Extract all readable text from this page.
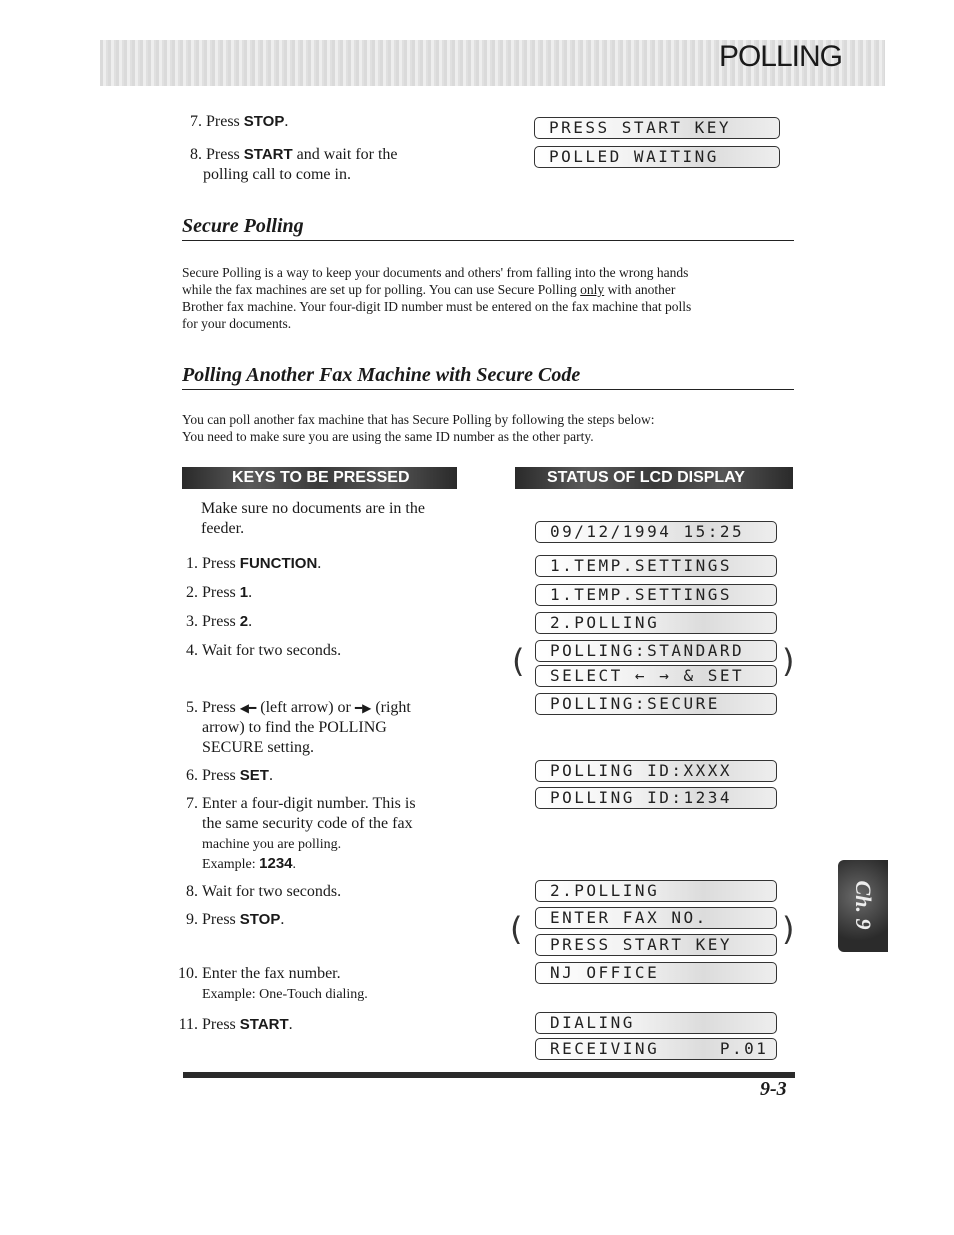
POLLING
7. Press STOP.
8. Press START and wait for the
polling call to come in.
PRESS START KEY
POLLED WAITING
Secure Polling
Secure Polling is a way to keep your documents and others' from falling into the wrong hands
while the fax machines are set up for polling. You can use Secure Polling only with another
Brother fax machine. Your four-digit ID number must be entered on the fax machine that polls
for your documents.
Polling Another Fax Machine with Secure Code
You can poll another fax machine that has Secure Polling by following the steps below:
You need to make sure you are using the same ID number as the other party.
KEYS TO BE PRESSED	STATUS OF LCD DISPLAY
Make sure no documents are in the
feeder.
1. Press FUNCTION.
2. Press 1.
3. Press 2.
4. Wait for two seconds.
5. Press ◀━ (left arrow) or ━▶ (right
arrow) to find the POLLING
SECURE setting.
6. Press SET.
7. Enter a four-digit number. This is
the same security code of the fax
machine you are polling.
Example: 1234.
8. Wait for two seconds.
9. Press STOP.
10. Enter the fax number.
Example: One-Touch dialing.
11. Press START.
09/12/1994 15:25
1.TEMP.SETTINGS
1.TEMP.SETTINGS
2.POLLING
(	POLLING:STANDARD
SELECT ← → & SET	)
POLLING:SECURE
POLLING ID:XXXX
POLLING ID:1234
2.POLLING
(	ENTER FAX NO.
PRESS START KEY	)
NJ OFFICE
DIALING
RECEIVING     P.01
Ch. 9
9-3
